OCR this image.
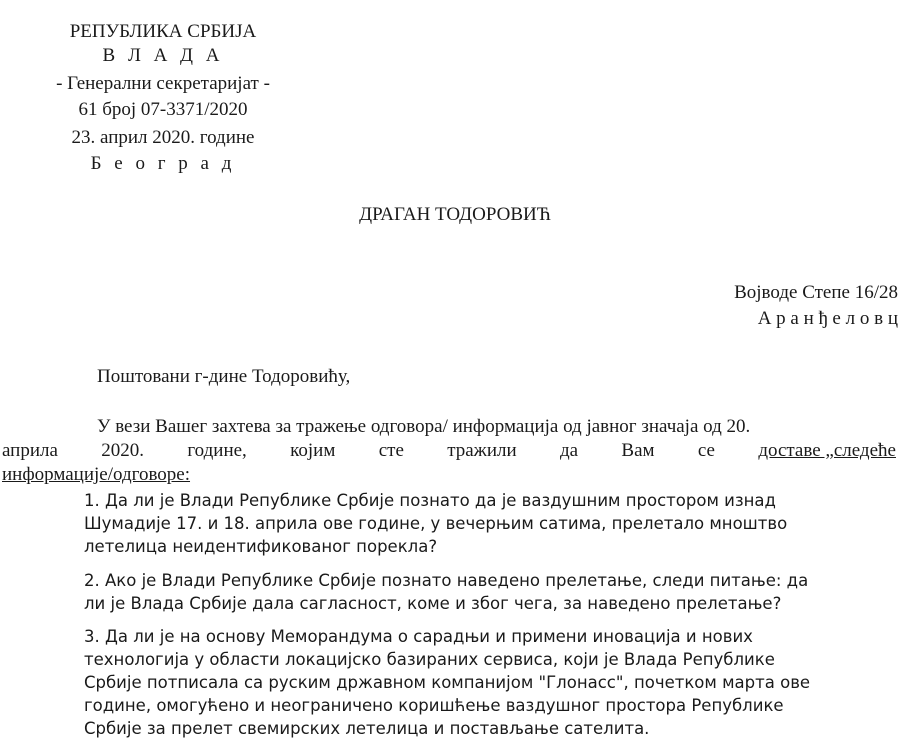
РЕПУБЛИКА СРБИЈА
В Л А Д А
- Генерални секретаријат -
61 број 07-3371/2020
23. април 2020. године
Б е о г р а д
ДРАГАН ТОДОРОВИЋ
Војводе Степе 16/28
А р а н ђ е л о в ц
Поштовани г-дине Тодоровићу,
У вези Вашег захтева за тражење одговора/ информација од јавног значаја од 20.
априла 2020. године, којим сте тражили да Вам се доставе „следеће
информације/одговоре:
1. Да ли је Влади Републике Србије познато да је ваздушним простором изнад
Шумадије 17. и 18. априла ове године, у вечерњим сатима, прелетало мноштво
летелица неидентификованог порекла?
2. Ако је Влади Републике Србије познато наведено прелетање, следи питање: да
ли је Влада Србије дала сагласност, коме и због чега, за наведено прелетање?
3. Да ли је на основу Меморандума о сарадњи и примени иновација и нових
технологија у области локацијско базираних сервиса, који је Влада Републике
Србије потписала са руским државном компанијом "Глонасс", почетком марта ове
године, омогућено и неограничено коришћење ваздушног простора Републике
Србије за прелет свемирских летелица и постављање сателита.
